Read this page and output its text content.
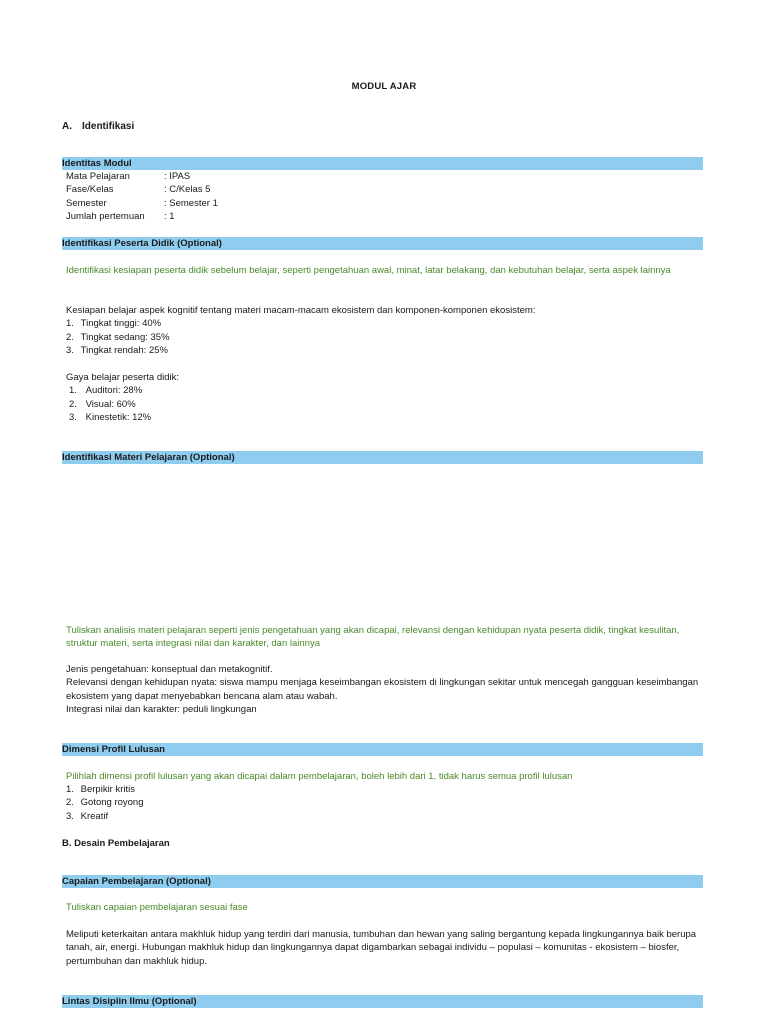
MODUL AJAR
A. Identifikasi
Identitas Modul
Mata Pelajaran	: IPAS
Fase/Kelas	: C/Kelas 5
Semester	: Semester 1
Jumlah pertemuan	: 1
Identifikasi Peserta Didik (Optional)
Identifikasi kesiapan peserta didik sebelum belajar, seperti pengetahuan awal, minat, latar belakang, dan kebutuhan belajar, serta aspek lainnya

Kesiapan belajar aspek kognitif tentang materi macam-macam ekosistem dan komponen-komponen ekosistem:

1.
Tingkat tinggi: 40%
2.
Tingkat sedang: 35%
3.
Tingkat rendah: 25%

Gaya belajar peserta didik:

1.
Auditori: 28%
2.
Visual: 60%
3.
Kinestetik: 12%
Identifikasi Materi Pelajaran (Optional)
Tuliskan analisis materi pelajaran seperti jenis pengetahuan yang akan dicapai, relevansi dengan kehidupan nyata peserta didik, tingkat kesulitan, struktur materi, serta integrasi nilai dan karakter, dan lainnya

Jenis pengetahuan: konseptual dan metakognitif.

Relevansi dengan kehidupan nyata: siswa mampu menjaga keseimbangan ekosistem di lingkungan sekitar untuk mencegah gangguan keseimbangan ekosistem yang dapat menyebabkan bencana alam atau wabah.

Integrasi nilai dan karakter: peduli lingkungan

Dimensi Profil Lulusan
Pilihlah dimensi profil lulusan yang akan dicapai dalam pembelajaran, boleh lebih dari 1, tidak harus semua profil lulusan
1.
Berpikir kritis
2.
Gotong royong
3.
Kreatif
B. Desain Pembelajaran
Capaian Pembelajaran (Optional)
Tuliskan capaian pembelajaran sesuai fase
Meliputi keterkaitan antara makhluk hidup yang terdiri dari manusia, tumbuhan dan hewan yang saling bergantung kepada lingkungannya baik berupa tanah, air, energi. Hubungan makhluk hidup dan lingkungannya dapat digambarkan sebagai individu – populasi – komunitas - ekosistem – biosfer, pertumbuhan dan makhluk hidup.
Lintas Disiplin Ilmu (Optional)
